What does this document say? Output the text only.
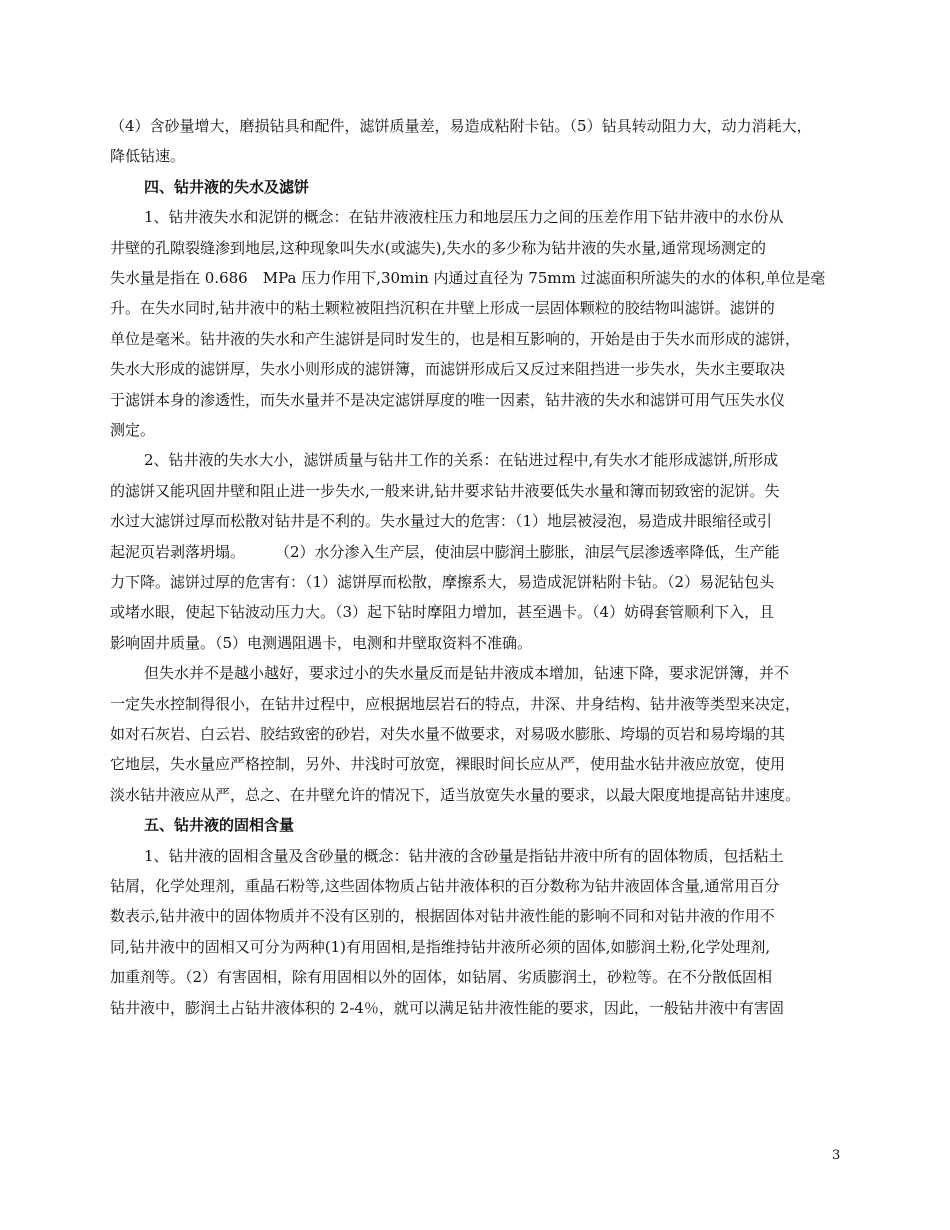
（4）含砂量增大，磨损钻具和配件，滤饼质量差，易造成粘附卡钻。（5）钻具转动阻力大，动力消耗大，
降低钻速。
四、钻井液的失水及滤饼
1、钻井液失水和泥饼的概念：在钻井液液柱压力和地层压力之间的压差作用下钻井液中的水份从
井壁的孔隙裂缝渗到地层,这种现象叫失水(或滤失),失水的多少称为钻井液的失水量,通常现场测定的
失水量是指在 0.686　MPa 压力作用下,30min 内通过直径为 75mm 过滤面积所滤失的水的体积,单位是毫
升。在失水同时,钻井液中的粘土颗粒被阻挡沉积在井壁上形成一层固体颗粒的胶结物叫滤饼。滤饼的
单位是毫米。钻井液的失水和产生滤饼是同时发生的，也是相互影响的，开始是由于失水而形成的滤饼，
失水大形成的滤饼厚，失水小则形成的滤饼簿，而滤饼形成后又反过来阻挡进一步失水，失水主要取决
于滤饼本身的渗透性，而失水量并不是决定滤饼厚度的唯一因素，钻井液的失水和滤饼可用气压失水仪
测定。
2、钻井液的失水大小，滤饼质量与钻井工作的关系：在钻进过程中,有失水才能形成滤饼,所形成
的滤饼又能巩固井壁和阻止进一步失水,一般来讲,钻井要求钻井液要低失水量和簿而韧致密的泥饼。失
水过大滤饼过厚而松散对钻井是不利的。失水量过大的危害：（1）地层被浸泡，易造成井眼缩径或引
起泥页岩剥落坍塌。　　　（2）水分渗入生产层，使油层中膨润土膨胀，油层气层渗透率降低，生产能
力下降。滤饼过厚的危害有：（1）滤饼厚而松散，摩擦系大，易造成泥饼粘附卡钻。（2）易泥钻包头
或堵水眼，使起下钻波动压力大。（3）起下钻时摩阻力增加，甚至遇卡。（4）妨碍套管顺利下入，且
影响固井质量。（5）电测遇阻遇卡，电测和井壁取资料不准确。
但失水并不是越小越好，要求过小的失水量反而是钻井液成本增加，钻速下降，要求泥饼簿，并不
一定失水控制得很小，在钻井过程中，应根据地层岩石的特点，井深、井身结构、钻井液等类型来决定，
如对石灰岩、白云岩、胶结致密的砂岩，对失水量不做要求，对易吸水膨胀、垮塌的页岩和易垮塌的其
它地层，失水量应严格控制，另外、井浅时可放宽，裸眼时间长应从严，使用盐水钻井液应放宽，使用
淡水钻井液应从严，总之、在井壁允许的情况下，适当放宽失水量的要求，以最大限度地提高钻井速度。
五、钻井液的固相含量
1、钻井液的固相含量及含砂量的概念：钻井液的含砂量是指钻井液中所有的固体物质，包括粘土
钻屑，化学处理剂，重晶石粉等,这些固体物质占钻井液体积的百分数称为钻井液固体含量,通常用百分
数表示,钻井液中的固体物质并不没有区别的，根据固体对钻井液性能的影响不同和对钻井液的作用不
同,钻井液中的固相又可分为两种(1)有用固相,是指维持钻井液所必须的固体,如膨润土粉,化学处理剂,
加重剂等。（2）有害固相，除有用固相以外的固体，如钻屑、劣质膨润土，砂粒等。在不分散低固相
钻井液中，膨润土占钻井液体积的 2-4％，就可以满足钻井液性能的要求，因此，一般钻井液中有害固
3
